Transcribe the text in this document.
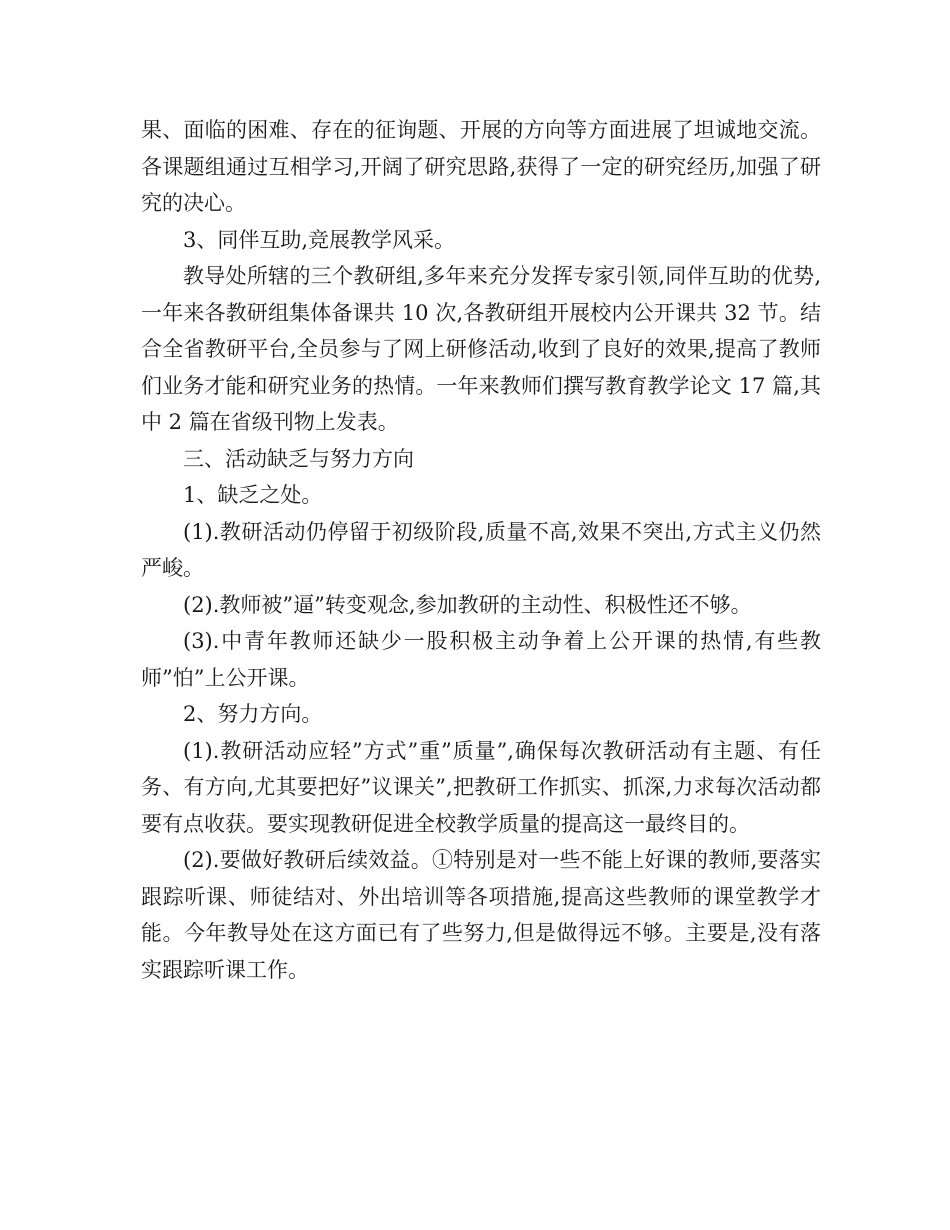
果、面临的困难、存在的征询题、开展的方向等方面进展了坦诚地交流。各课题组通过互相学习,开阔了研究思路,获得了一定的研究经历,加强了研究的决心。

3、同伴互助,竞展教学风采。

教导处所辖的三个教研组,多年来充分发挥专家引领,同伴互助的优势, 一年来各教研组集体备课共 10 次,各教研组开展校内公开课共 32 节。结合全省教研平台,全员参与了网上研修活动,收到了良好的效果,提高了教师们业务才能和研究业务的热情。一年来教师们撰写教育教学论文 17 篇,其中 2 篇在省级刊物上发表。

三、活动缺乏与努力方向

1、缺乏之处。

(1).教研活动仍停留于初级阶段,质量不高,效果不突出,方式主义仍然严峻。

(2).教师被”逼”转变观念,参加教研的主动性、积极性还不够。

(3).中青年教师还缺少一股积极主动争着上公开课的热情,有些教师”怕”上公开课。

2、努力方向。

(1).教研活动应轻”方式”重”质量”,确保每次教研活动有主题、有任务、有方向,尤其要把好”议课关”,把教研工作抓实、抓深,力求每次活动都要有点收获。要实现教研促进全校教学质量的提高这一最终目的。

(2).要做好教研后续效益。①特别是对一些不能上好课的教师,要落实跟踪听课、师徒结对、外出培训等各项措施,提高这些教师的课堂教学才能。今年教导处在这方面已有了些努力,但是做得远不够。主要是,没有落实跟踪听课工作。
